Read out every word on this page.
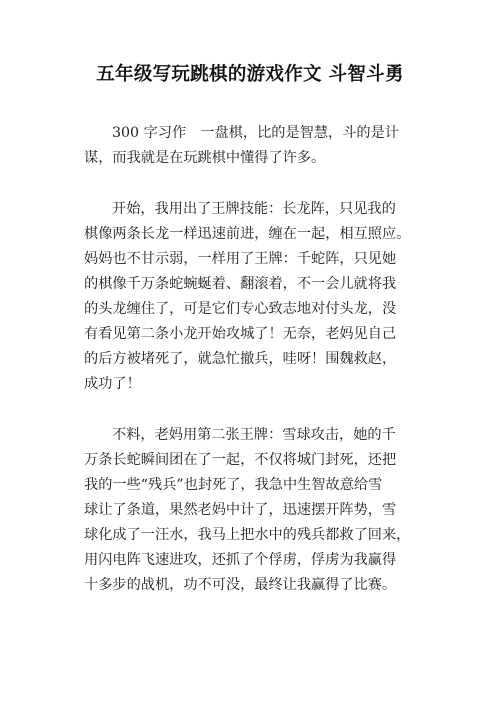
五年级写玩跳棋的游戏作文 斗智斗勇

300 字习作　一盘棋，比的是智慧，斗的是计
谋，而我就是在玩跳棋中懂得了许多。

开始，我用出了王牌技能：长龙阵，只见我的
棋像两条长龙一样迅速前进，缠在一起，相互照应。
妈妈也不甘示弱，一样用了王牌：千蛇阵，只见她
的棋像千万条蛇蜿蜒着、翻滚着，不一会儿就将我
的头龙缠住了，可是它们专心致志地对付头龙，没
有看见第二条小龙开始攻城了！无奈，老妈见自己
的后方被堵死了，就急忙撤兵，哇呀！围魏救赵，
成功了！

不料，老妈用第二张王牌：雪球攻击，她的千
万条长蛇瞬间团在了一起，不仅将城门封死，还把
我的一些“残兵”也封死了，我急中生智故意给雪
球让了条道，果然老妈中计了，迅速摆开阵势，雪
球化成了一汪水，我马上把水中的残兵都救了回来，
用闪电阵飞速进攻，还抓了个俘虏，俘虏为我赢得
十多步的战机，功不可没，最终让我赢得了比赛。
